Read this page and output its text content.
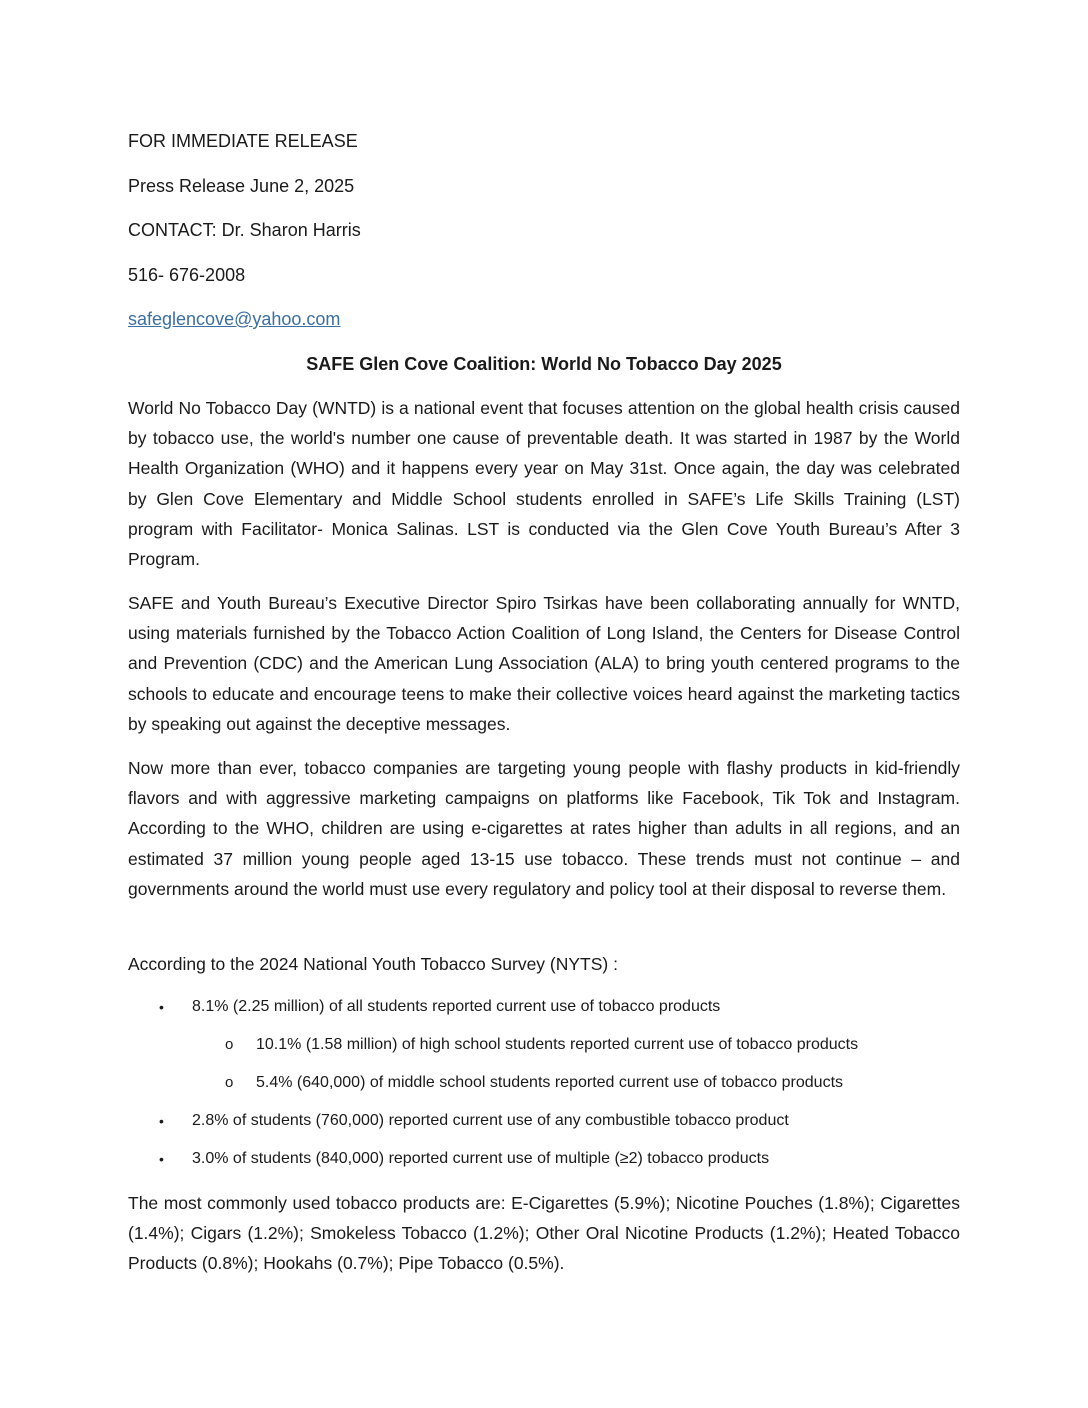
FOR IMMEDIATE RELEASE
Press Release June 2, 2025
CONTACT: Dr. Sharon Harris
516- 676-2008
safeglencove@yahoo.com
SAFE Glen Cove Coalition: World No Tobacco Day 2025

World No Tobacco Day (WNTD) is a national event that focuses attention on the global health crisis caused by tobacco use, the world's number one cause of preventable death. It was started in 1987 by the World Health Organization (WHO) and it happens every year on May 31st. Once again, the day was celebrated by Glen Cove Elementary and Middle School students enrolled in SAFE’s Life Skills Training (LST) program with Facilitator- Monica Salinas. LST is conducted via the Glen Cove Youth Bureau’s After 3 Program.

SAFE and Youth Bureau’s Executive Director Spiro Tsirkas have been collaborating annually for WNTD, using materials furnished by the Tobacco Action Coalition of Long Island, the Centers for Disease Control and Prevention (CDC) and the American Lung Association (ALA) to bring youth centered programs to the schools to educate and encourage teens to make their collective voices heard against the marketing tactics by speaking out against the deceptive messages.

Now more than ever, tobacco companies are targeting young people with flashy products in kid-friendly flavors and with aggressive marketing campaigns on platforms like Facebook, Tik Tok and Instagram. According to the WHO, children are using e-cigarettes at rates higher than adults in all regions, and an estimated 37 million young people aged 13-15 use tobacco. These trends must not continue – and governments around the world must use every regulatory and policy tool at their disposal to reverse them.

According to the 2024 National Youth Tobacco Survey (NYTS) :
• 8.1% (2.25 million) of all students reported current use of tobacco products
o 10.1% (1.58 million) of high school students reported current use of tobacco products
o 5.4% (640,000) of middle school students reported current use of tobacco products
• 2.8% of students (760,000) reported current use of any combustible tobacco product
• 3.0% of students (840,000) reported current use of multiple (≥2) tobacco products

The most commonly used tobacco products are: E-Cigarettes (5.9%); Nicotine Pouches (1.8%); Cigarettes (1.4%); Cigars (1.2%); Smokeless Tobacco (1.2%); Other Oral Nicotine Products (1.2%); Heated Tobacco Products (0.8%); Hookahs (0.7%); Pipe Tobacco (0.5%).
